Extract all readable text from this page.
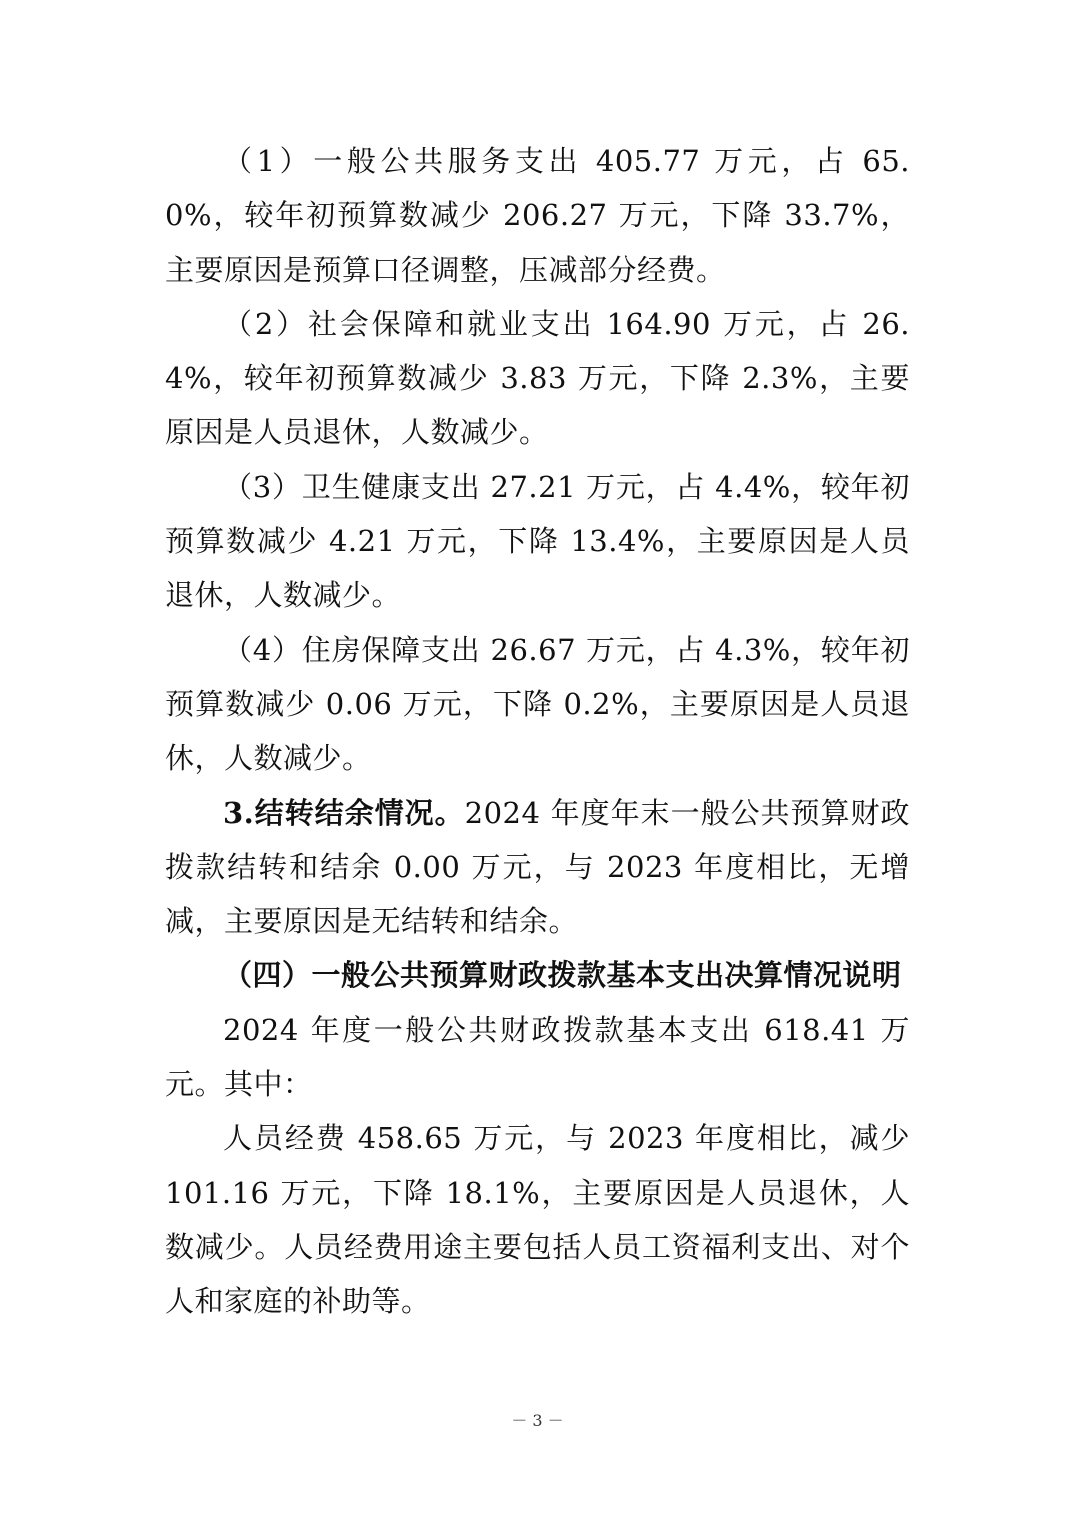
（1）一般公共服务支出 405.77 万元，占 65.0%，较年初预算数减少 206.27 万元，下降 33.7%，主要原因是预算口径调整，压减部分经费。

（2）社会保障和就业支出 164.90 万元，占 26.4%，较年初预算数减少 3.83 万元，下降 2.3%，主要原因是人员退休，人数减少。

（3）卫生健康支出 27.21 万元，占 4.4%，较年初预算数减少 4.21 万元，下降 13.4%，主要原因是人员退休，人数减少。

（4）住房保障支出 26.67 万元，占 4.3%，较年初预算数减少 0.06 万元，下降 0.2%，主要原因是人员退休，人数减少。

3.结转结余情况。2024 年度年末一般公共预算财政拨款结转和结余 0.00 万元，与 2023 年度相比，无增减，主要原因是无结转和结余。

（四）一般公共预算财政拨款基本支出决算情况说明

2024 年度一般公共财政拨款基本支出 618.41 万元。其中：

人员经费 458.65 万元，与 2023 年度相比，减少 101.16 万元，下降 18.1%，主要原因是人员退休，人数减少。人员经费用途主要包括人员工资福利支出、对个人和家庭的补助等。

－ 3 －
